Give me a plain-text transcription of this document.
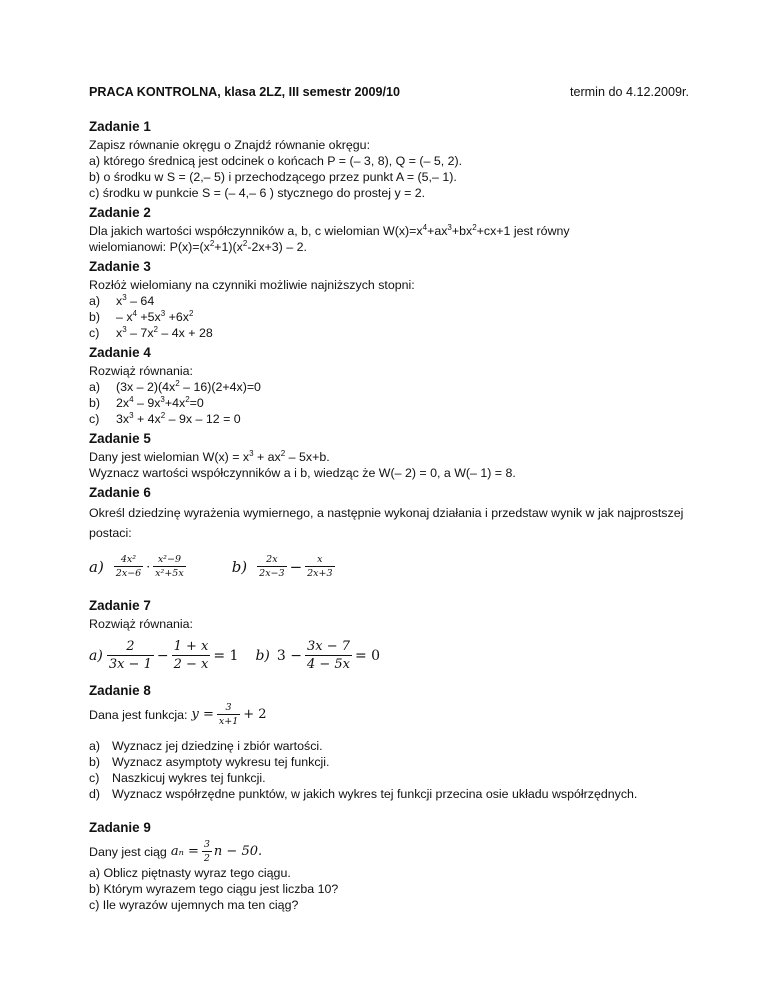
PRACA KONTROLNA, klasa 2LZ, III semestr 2009/10	termin do 4.12.2009r.
Zadanie 1
Zapisz równanie okręgu o Znajdź równanie okręgu:
a) którego średnicą jest odcinek o końcach P = (– 3, 8), Q = (– 5, 2).
b) o środku w S = (2,– 5) i przechodzącego przez punkt A = (5,– 1).
c) środku w punkcie S = (– 4,– 6 ) stycznego do prostej y = 2.
Zadanie 2
Dla jakich wartości współczynników a, b, c wielomian $W(x)=x^4+ax^3+bx^2+cx+1$ jest równy
wielomianowi: $P(x)=(x^2+1)(x^2-2x+3) - 2$.
Zadanie 3
Rozłóż wielomiany na czynniki możliwie najniższych stopni:
a)	$x^3 - 64$
b)	– $x^4 +5x^3 +6x^2$
c)	$x^3 - 7x^2 - 4x + 28$
Zadanie 4
Rozwiąż równania:
a)	$(3x - 2)(4x^2 - 16)(2+4x)=0$
b)	$2x^4 - 9x^3+4x^2=0$
c)	$3x^3 + 4x^2 - 9x - 12 = 0$
Zadanie 5
Dany jest wielomian $W(x) = x^3 + ax^2 - 5x+b$.
Wyznacz wartości współczynników a i b, wiedząc że W(– 2) = 0, a W(– 1) = 8.
Zadanie 6
Określ dziedzinę wyrażenia wymiernego, a następnie wykonaj działania i przedstaw wynik w jak najprostszej postaci:
$a) \frac{\text{4x²}}{2x-6} \cdot \frac{\text{x²−9}}{\text{x²+5x}}$	$b) \frac{2x}{2x-3} - \frac{x}{2x+3}$
Zadanie 7
Rozwiąż równania:
$a) \frac{2}{3x - 1} - \frac{1 + x}{2 - x} = 1$ b) $3 - \frac{3x - 7}{4 - 5x} = 0$
Zadanie 8
Dana jest funkcja: $y = \frac{3}{x+1} + 2$
a) Wyznacz jej dziedzinę i zbiór wartości.
b) Wyznacz asymptoty wykresu tej funkcji.
c)	Naszkicuj wykres tej funkcji.
d) Wyznacz współrzędne punktów, w jakich wykres tej funkcji przecina osie układu współrzędnych.
Zadanie 9
Dany jest ciąg $a_n = \frac{3}{2}$ n − 50.
a) Oblicz piętnasty wyraz tego ciągu.
b) Którym wyrazem tego ciągu jest liczba 10?
c) Ile wyrazów ujemnych ma ten ciąg?
